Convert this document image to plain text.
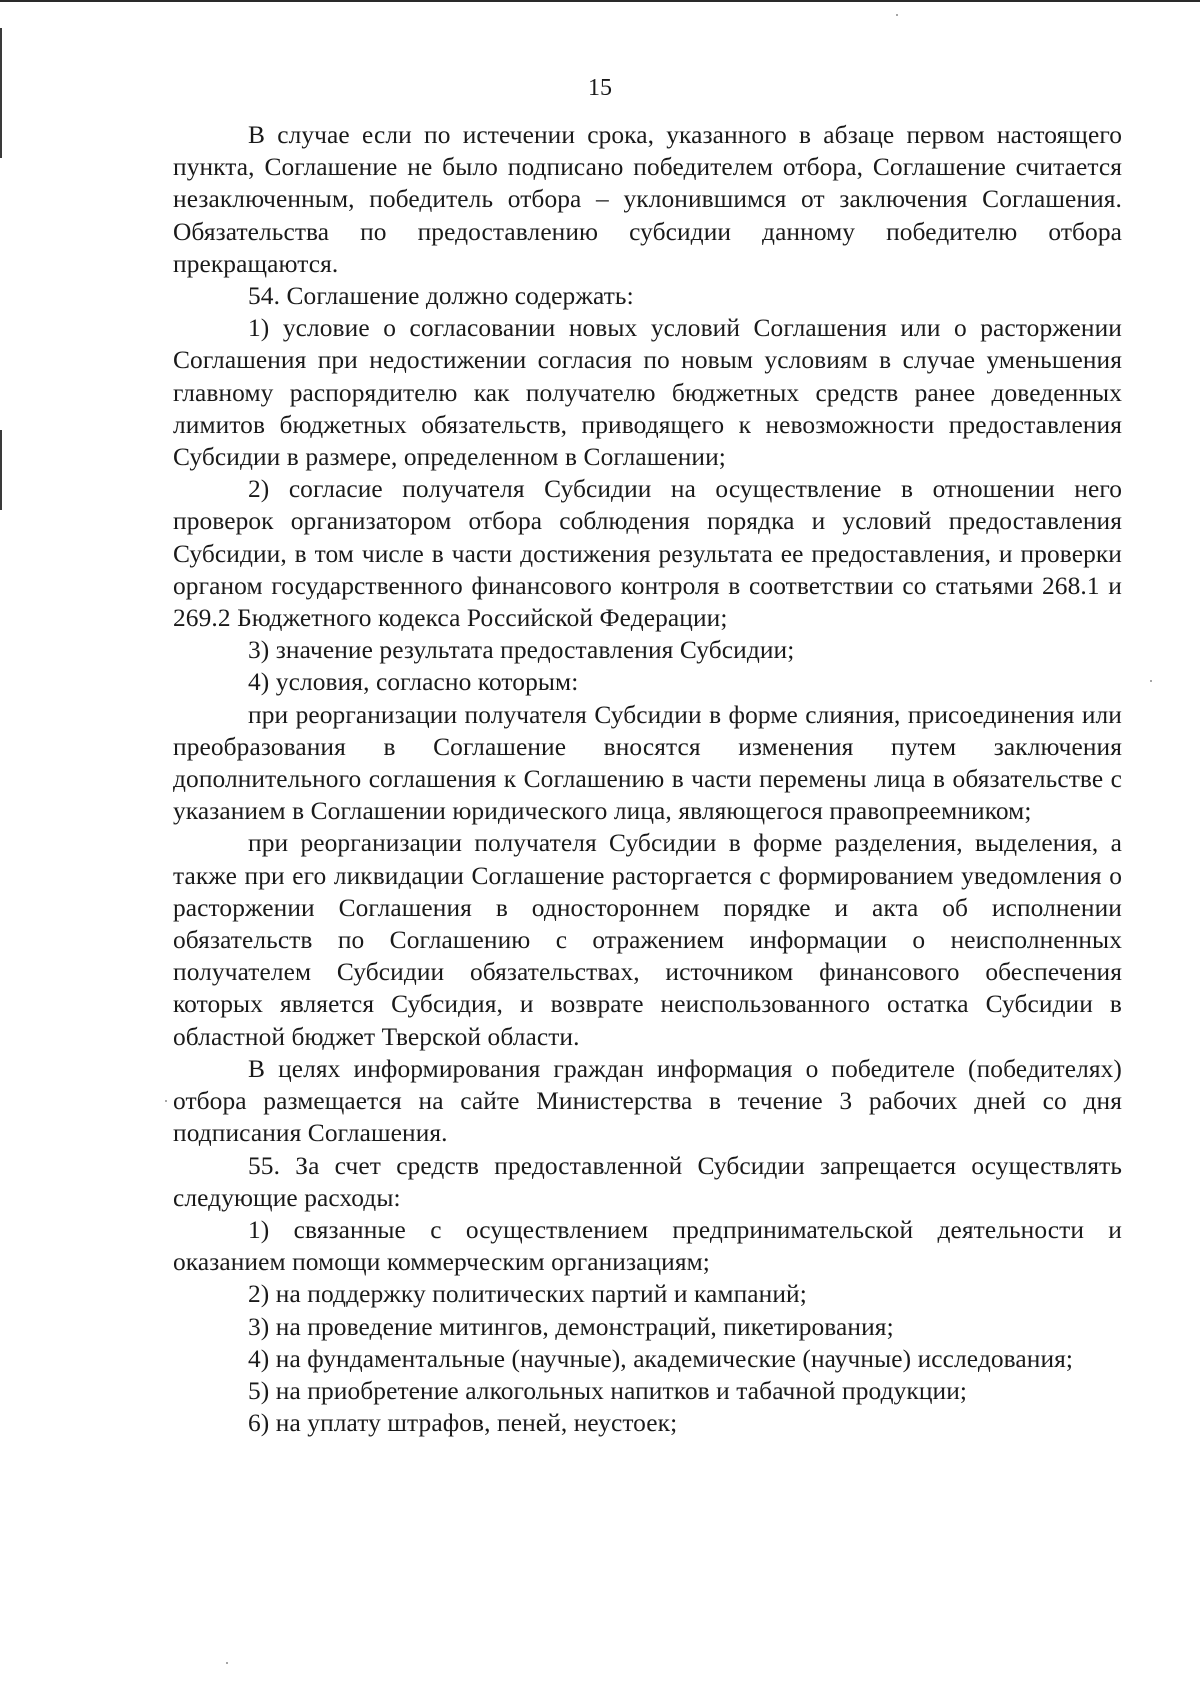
15

В случае если по истечении срока, указанного в абзаце первом настоящего пункта, Соглашение не было подписано победителем отбора, Соглашение считается незаключенным, победитель отбора – уклонившимся от заключения Соглашения. Обязательства по предоставлению субсидии данному победителю отбора прекращаются.

54. Соглашение должно содержать:

1) условие о согласовании новых условий Соглашения или о расторжении Соглашения при недостижении согласия по новым условиям в случае уменьшения главному распорядителю как получателю бюджетных средств ранее доведенных лимитов бюджетных обязательств, приводящего к невозможности предоставления Субсидии в размере, определенном в Соглашении;

2) согласие получателя Субсидии на осуществление в отношении него проверок организатором отбора соблюдения порядка и условий предоставления Субсидии, в том числе в части достижения результата ее предоставления, и проверки органом государственного финансового контроля в соответствии со статьями 268.1 и 269.2 Бюджетного кодекса Российской Федерации;

3) значение результата предоставления Субсидии;

4) условия, согласно которым:

при реорганизации получателя Субсидии в форме слияния, присоединения или преобразования в Соглашение вносятся изменения путем заключения дополнительного соглашения к Соглашению в части перемены лица в обязательстве с указанием в Соглашении юридического лица, являющегося правопреемником;

при реорганизации получателя Субсидии в форме разделения, выделения, а также при его ликвидации Соглашение расторгается с формированием уведомления о расторжении Соглашения в одностороннем порядке и акта об исполнении обязательств по Соглашению с отражением информации о неисполненных получателем Субсидии обязательствах, источником финансового обеспечения которых является Субсидия, и возврате неиспользованного остатка Субсидии в областной бюджет Тверской области.

В целях информирования граждан информация о победителе (победителях) отбора размещается на сайте Министерства в течение 3 рабочих дней со дня подписания Соглашения.

55. За счет средств предоставленной Субсидии запрещается осуществлять следующие расходы:

1) связанные с осуществлением предпринимательской деятельности и оказанием помощи коммерческим организациям;

2) на поддержку политических партий и кампаний;

3) на проведение митингов, демонстраций, пикетирования;

4) на фундаментальные (научные), академические (научные) исследования;

5) на приобретение алкогольных напитков и табачной продукции;

6) на уплату штрафов, пеней, неустоек;
